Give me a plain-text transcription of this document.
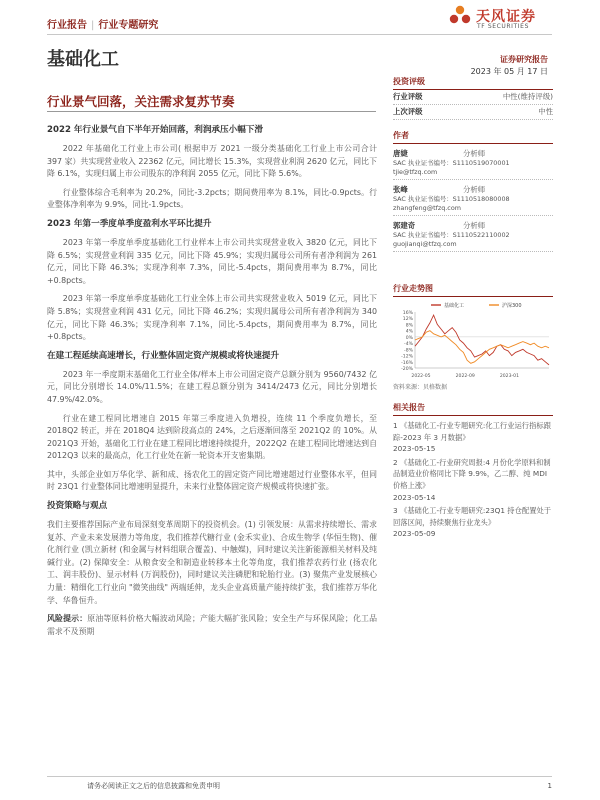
行业报告 | 行业专题研究
天风证券
TF SECURITIES
基础化工	证券研究报告
2023 年 05 月 17 日
行业景气回落，关注需求复苏节奏
2022 年行业景气自下半年开始回落，利润承压小幅下滑
2022 年基础化工行业上市公司( 根据申万 2021 一级分类基础化工行业上市公司合计 397 家）共实现营业收入 22362 亿元，同比增长 15.3%，实现营业利润 2620 亿元，同比下降 6.1%，实现归属上市公司股东的净利润 2055 亿元，同比下降 5.6%。
行业整体综合毛利率为 20.2%，同比-3.2pcts；期间费用率为 8.1%，同比-0.9pcts。行业整体净利率为 9.9%，同比-1.9pcts。
2023 年第一季度单季度盈利水平环比提升
2023 年第一季度单季度基础化工行业样本上市公司共实现营业收入 3820 亿元，同比下降 6.5%；实现营业利润 335 亿元，同比下降 45.9%；实现归属母公司所有者净利润为 261 亿元，同比下降 46.3%；实现净利率 7.3%，同比-5.4pcts，期间费用率为 8.7%，同比+0.8pcts。
2023 年第一季度单季度基础化工行业全体上市公司共实现营业收入 5019 亿元，同比下降 5.8%；实现营业利润 431 亿元，同比下降 46.2%；实现归属母公司所有者净利润为 340 亿元，同比下降 46.3%；实现净利率 7.1%，同比-5.4pcts，期间费用率为 8.7%，同比+0.8pcts。
在建工程延续高速增长，行业整体固定资产规模或将快速提升
2023 年一季度期末基础化工行业全体/样本上市公司固定资产总额分别为 9560/7432 亿元，同比分别增长 14.0%/11.5%；在建工程总额分别为 3414/2473 亿元，同比分别增长 47.9%/42.0%。
行业在建工程同比增速自 2015 年第三季度进入负增投，连续 11 个季度负增长，至 2018Q2 转正，并在 2018Q4 达到阶段高点的 24%，之后逐渐回落至 2021Q2 的 10%。从 2021Q3 开始，基础化工行业在建工程同比增速持续提升，2022Q2 在建工程同比增速达到自 2012Q3 以来的最高点，化工行业处在新一轮资本开支密集期。
其中，头部企业如万华化学、新和成、扬农化工的固定资产同比增速超过行业整体水平，但同时 23Q1 行业整体同比增速明显提升，未来行业整体固定资产规模或将快速扩张。
投资策略与观点
我们主要推荐国际产业布局深刻变革周期下的投资机会。(1) 引领发展：从需求持续增长、需求复苏、产业未来发展潜力等角度，我们推荐代糖行业 (金禾实业)、合成生物学 (华恒生物)、催化剂行业 (凯立新材 (和金属与材料组联合覆盖)、中触媒)，同时建议关注新能源相关材料及纯碱行业。(2) 保障安全：从粮食安全和制造业转移本土化等角度，我们推荐农药行业 (扬农化工、润丰股份)、显示材料 (万润股份)，同时建议关注磷肥和轮胎行业。(3) 聚焦产业发展核心力量：精细化工行业向 "微笑曲线" 两端延伸，龙头企业高质量产能持续扩张，我们推荐万华化学、华鲁恒升。
风险提示：原油等原料价格大幅波动风险；产能大幅扩张风险；安全生产与环保风险；化工品需求不及预期
投资评级
行业评级	中性(维持评级)
上次评级	中性
作者
唐婕	分析师
SAC 执业证书编号：S1110519070001
tjie@tfzq.com
张峰	分析师
SAC 执业证书编号：S1110518080008
zhangfeng@tfzq.com
郭建奇	分析师
SAC 执业证书编号：S1110522110002
guojianqi@tfzq.com
行业走势图
16%
12%
8%
4%
0%
-4%
-8%
-12%
-16%
-20%
2022-05	2022-09	2023-01
基础化工	沪深300
资料来源：贝格数据
相关报告
1 《基础化工-行业专题研究:化工行业运行指标跟踪-2023 年 3 月数据》
2023-05-15
2 《基础化工-行业研究周报:4 月份化学原料和制品制造业价格同比下降 9.9%，乙二醇、纯 MDI 价格上涨》
2023-05-14
3 《基础化工-行业专题研究:23Q1 持仓配置处于回落区间，持续聚焦行业龙头》
2023-05-09
请务必阅读正文之后的信息披露和免责申明	1
